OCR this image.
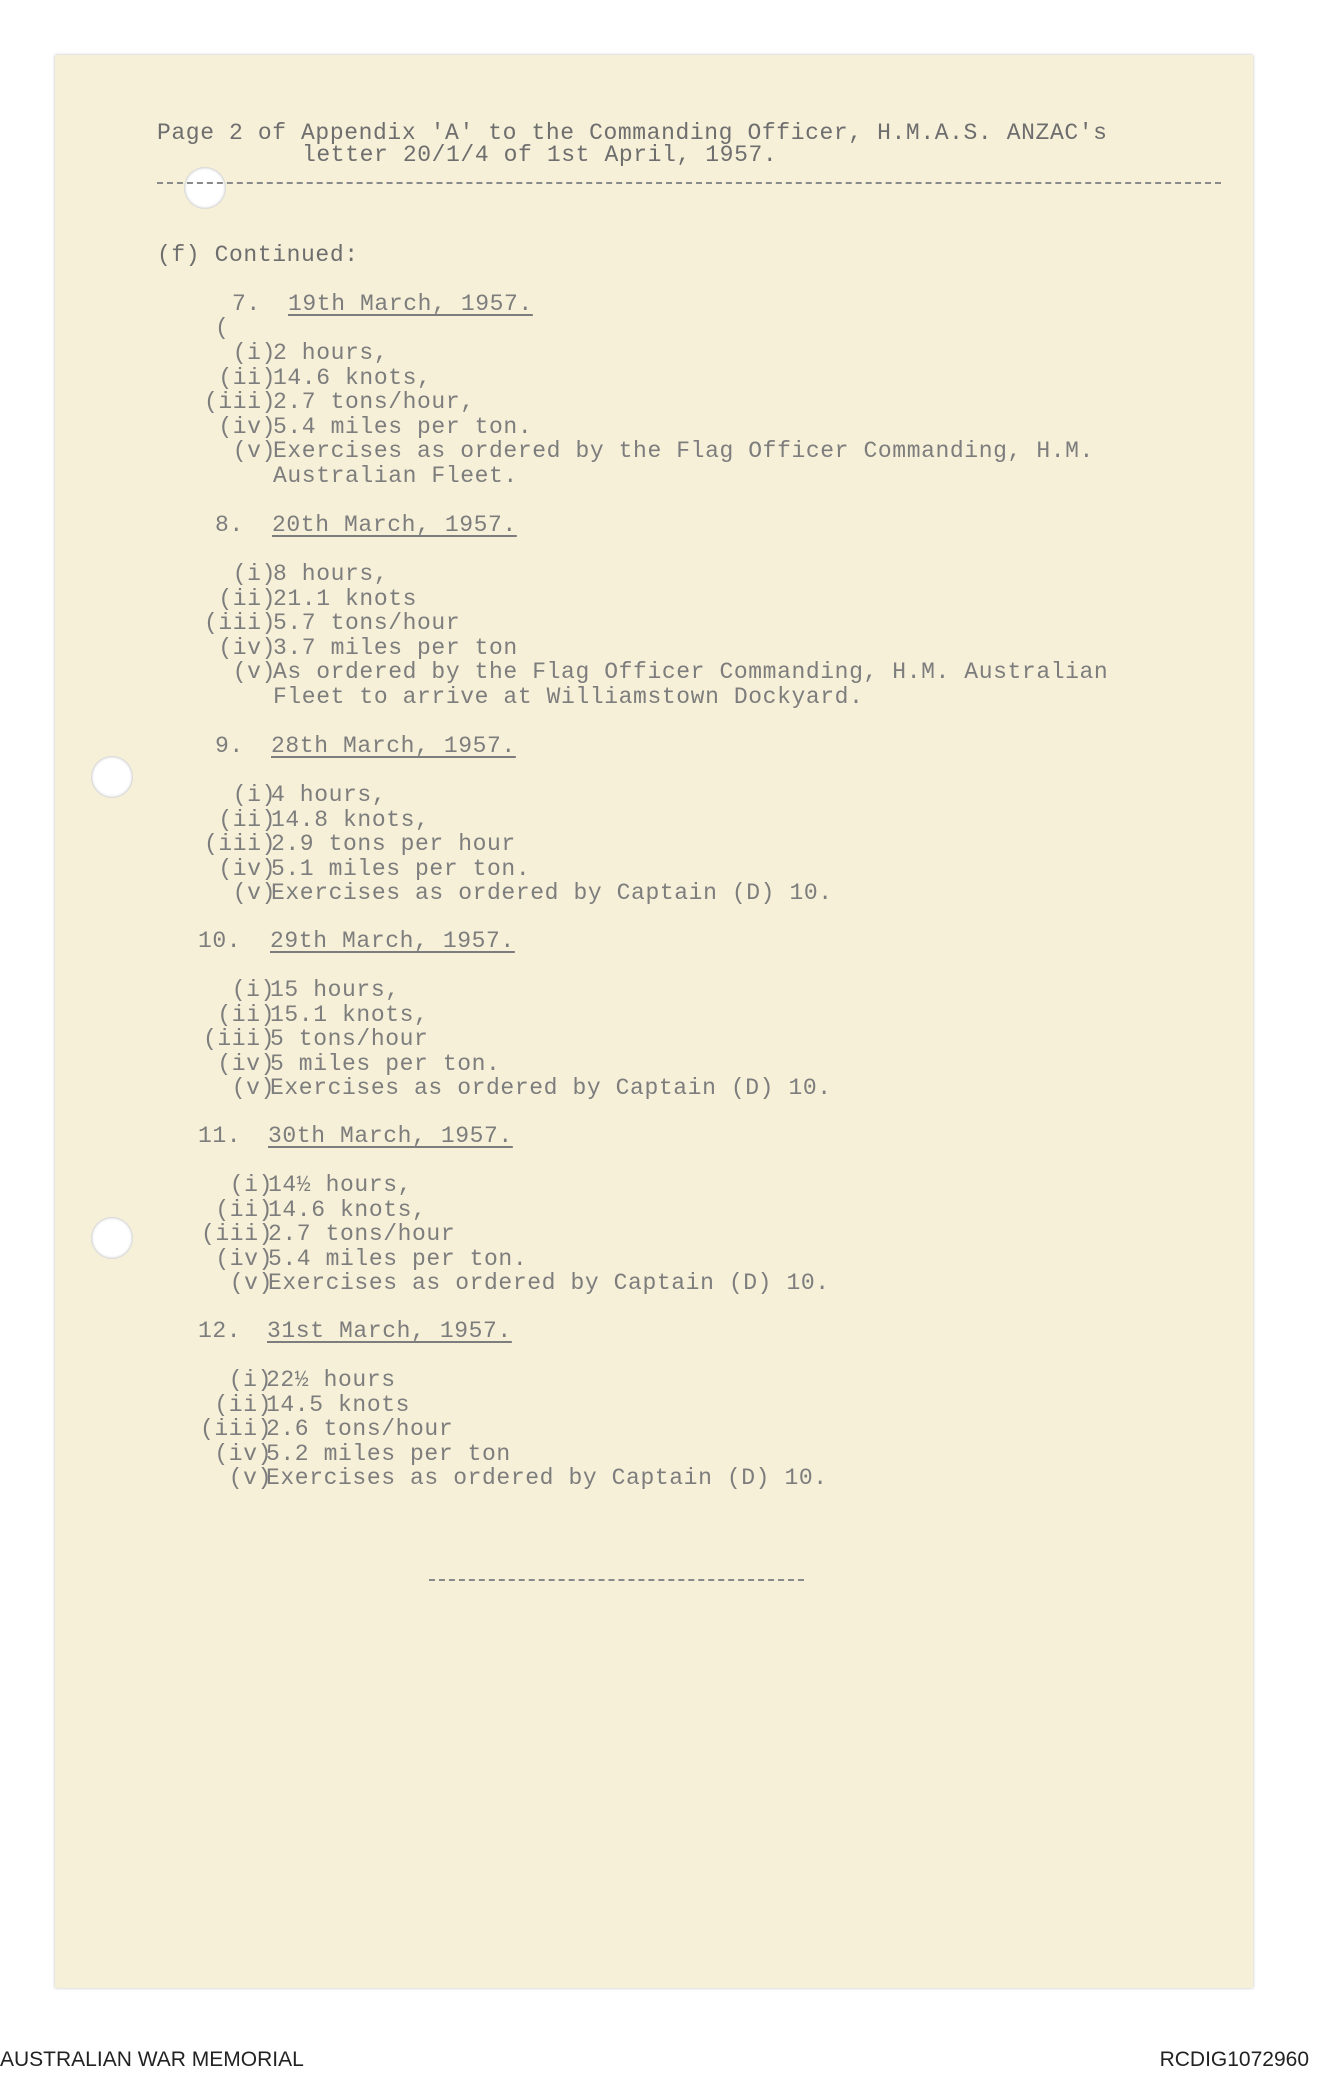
Page 2 of Appendix 'A' to the Commanding Officer, H.M.A.S. ANZAC's
letter 20/1/4 of 1st April, 1957.
(f) Continued:
7. 19th March, 1957.
(
(i)
2 hours,
(ii)
14.6 knots,
(iii)
2.7 tons/hour,
(iv)
5.4 miles per ton.
(v)
Exercises as ordered by the Flag Officer Commanding, H.M.
Australian Fleet.
8. 20th March, 1957.
(i)
8 hours,
(ii)
21.1 knots
(iii)
5.7 tons/hour
(iv)
3.7 miles per ton
(v)
As ordered by the Flag Officer Commanding, H.M. Australian
Fleet to arrive at Williamstown Dockyard.
9. 28th March, 1957.
(i)
4 hours,
(ii)
14.8 knots,
(iii)
2.9 tons per hour
(iv)
5.1 miles per ton.
(v)
Exercises as ordered by Captain (D) 10.
10. 29th March, 1957.
(i)
15 hours,
(ii)
15.1 knots,
(iii)
5 tons/hour
(iv)
5 miles per ton.
(v)
Exercises as ordered by Captain (D) 10.
11. 30th March, 1957.
(i)
14½ hours,
(ii)
14.6 knots,
(iii)
2.7 tons/hour
(iv)
5.4 miles per ton.
(v)
Exercises as ordered by Captain (D) 10.
12. 31st March, 1957.
(i)
22½ hours
(ii)
14.5 knots
(iii)
2.6 tons/hour
(iv)
5.2 miles per ton
(v)
Exercises as ordered by Captain (D) 10.
AUSTRALIAN WAR MEMORIAL	RCDIG1072960
